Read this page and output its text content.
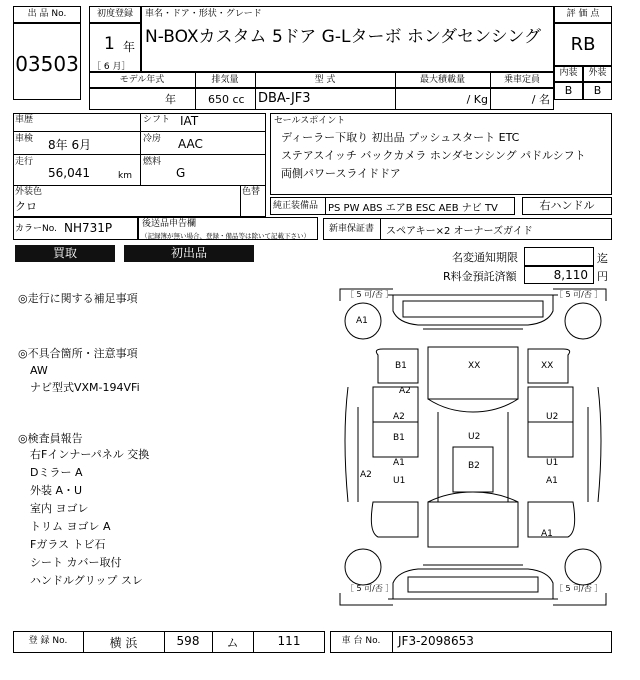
出 品 No.
03503
初度登録
1 年
［ 6 月］
車名・ドア・形状・グレード
N-BOXカスタム 5ドア G-Lターボ ホンダセンシング
評 価 点
RB
内装	外装
B	B
モデル年式	排気量	型 式	最大積載量	乗車定員
年	650 cc DBA-JF3	/ Kg	/ 名
車歴	シフト IAT
車検 8年 6月	冷房 AAC
走行
56,041	km
燃料
G
外装色
クロ
色替
カラーNo. NH731P	後送品申告欄
（記録簿が無い場合、登録・備品等は除いて記載下さい）
セールスポイント
ディーラー下取り 初出品 プッシュスタート ETC
ステアスイッチ バックカメラ ホンダセンシング パドルシフト
両側パワースライドドア
純正装備品 PS PW ABS エアB ESC AEB ナビ TV	右ハンドル
新車保証書 スペアキー×2 オーナーズガイド
買取	初出品	名変通知期限	迄
R料金預託済額	8,110 円
◎走行に関する補足事項
◎不具合箇所・注意事項
AW
ナビ型式VXM-194VFi
◎検査員報告
右Fインナーパネル 交換
Dミラー A
外装 A・U
室内 ヨゴレ
トリム ヨゴレ A
Fガラス トビ石
シート カバー取付
ハンドルグリップ スレ
［ 5 可/否 ］	［ 5 可/否 ］
［ 5 可/否 ］	［ 5 可/否 ］
A1
B1
A2
XX	XX
A2
B1	U2
U2
A1
U1
B2	U1
A2
A1
A1
登 録 No.	横 浜	598	ム	111	車 台 No.	JF3-2098653
